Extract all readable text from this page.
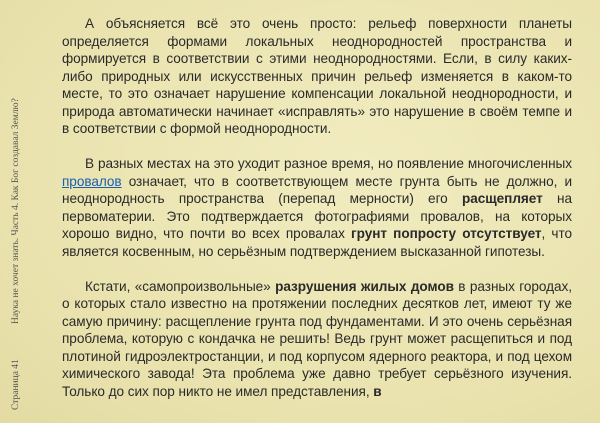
Страница 41
Наука не хочет знать. Часть 4. Как Бог создавал Землю?

А объясняется всё это очень просто: рельеф поверхности планеты определяется формами локальных неоднородностей пространства и формируется в соответствии с этими неоднородностями. Если, в силу каких-либо природных или искусственных причин рельеф изменяется в каком-то месте, то это означает нарушение компенсации локальной неоднородности, и природа автоматически начинает «исправлять» это нарушение в своём темпе и в соответствии с формой неоднородности.

В разных местах на это уходит разное время, но появление многочисленных провалов означает, что в соответствующем месте грунта быть не должно, и неоднородность пространства (перепад мерности) его расщепляет на первоматерии. Это подтверждается фотографиями провалов, на которых хорошо видно, что почти во всех провалах грунт попросту отсутствует, что является косвенным, но серьёзным подтверждением высказанной гипотезы.

Кстати, «самопроизвольные» разрушения жилых домов в разных городах, о которых стало известно на протяжении последних десятков лет, имеют ту же самую причину: расщепление грунта под фундаментами. И это очень серьёзная проблема, которую с кондачка не решить! Ведь грунт может расщепиться и под плотиной гидроэлектростанции, и под корпусом ядерного реактора, и под цехом химического завода! Эта проблема уже давно требует серьёзного изучения. Только до сих пор никто не имел представления, в
